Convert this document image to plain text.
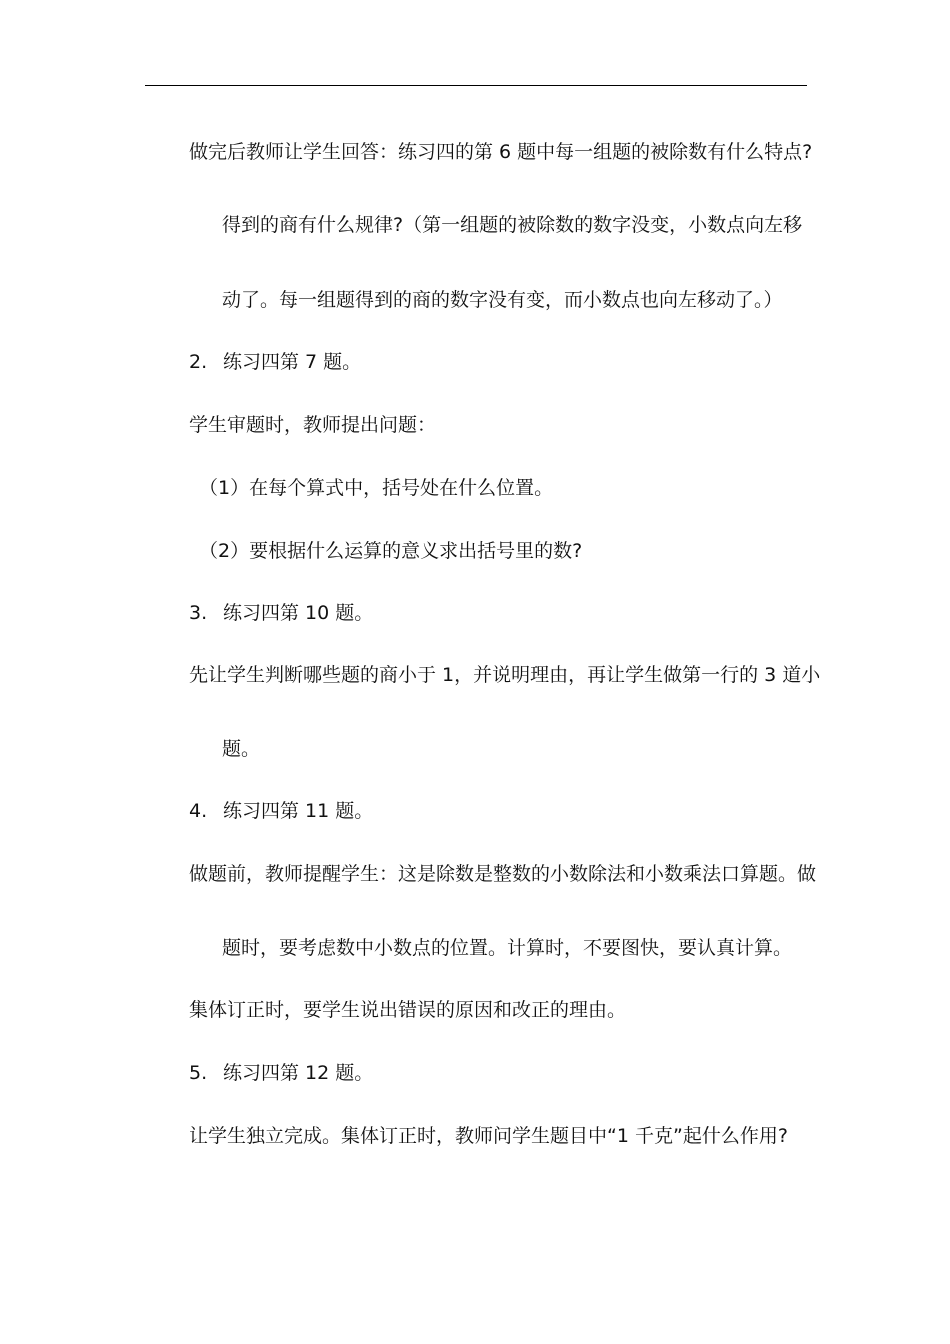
做完后教师让学生回答：练习四的第 6 题中每一组题的被除数有什么特点?
得到的商有什么规律?（第一组题的被除数的数字没变，小数点向左移
动了。每一组题得到的商的数字没有变，而小数点也向左移动了。）
2. 练习四第 7 题。
学生审题时，教师提出问题：
（1）在每个算式中，括号处在什么位置。
（2）要根据什么运算的意义求出括号里的数?
3. 练习四第 10 题。
先让学生判断哪些题的商小于 1，并说明理由，再让学生做第一行的 3 道小
题。
4. 练习四第 11 题。
做题前，教师提醒学生：这是除数是整数的小数除法和小数乘法口算题。做
题时，要考虑数中小数点的位置。计算时，不要图快，要认真计算。
集体订正时，要学生说出错误的原因和改正的理由。
5. 练习四第 12 题。
让学生独立完成。集体订正时，教师问学生题目中“1 千克”起什么作用?
